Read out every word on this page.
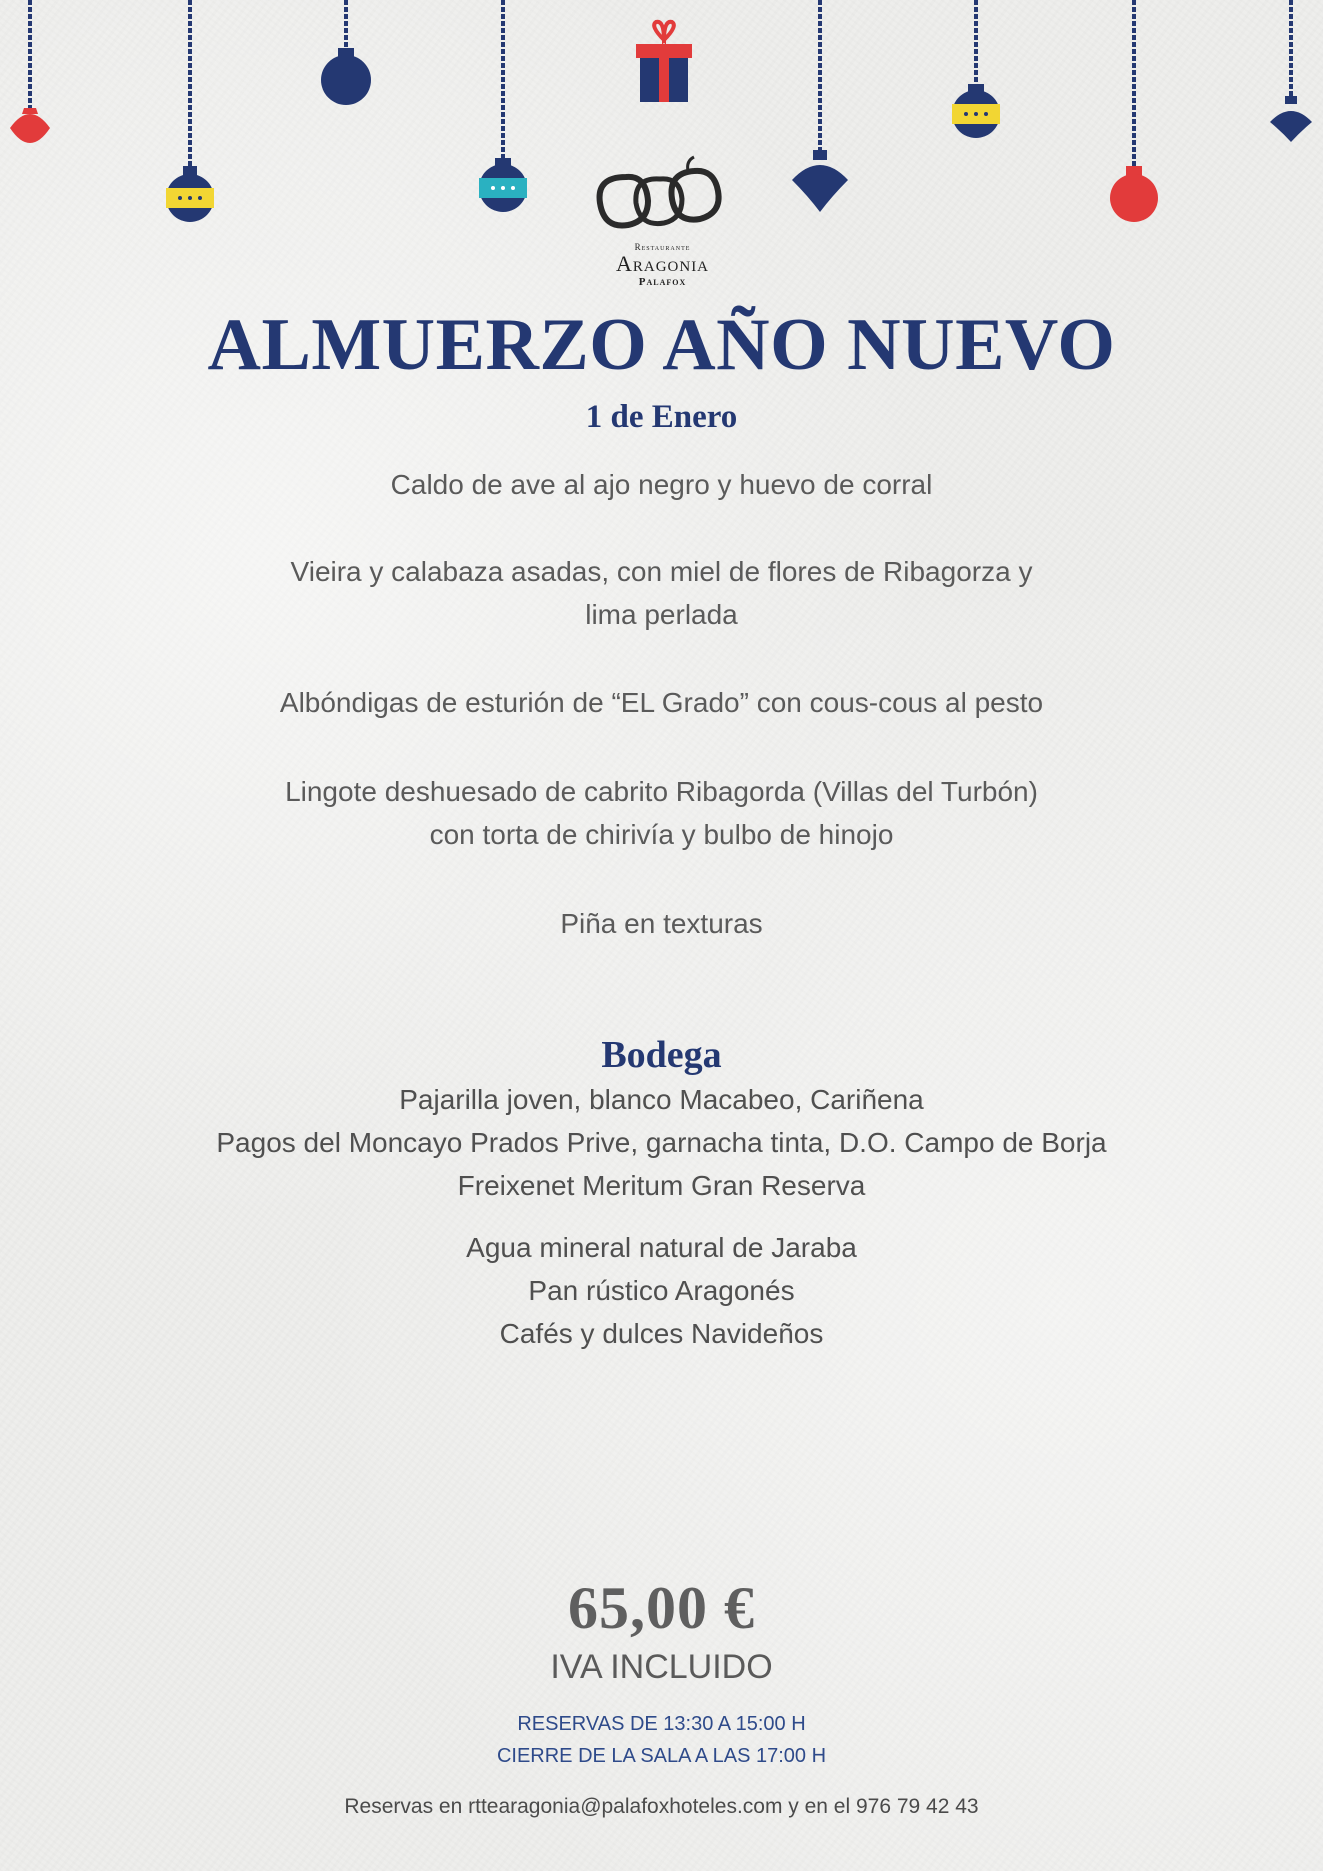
Restaurante
Aragonia
Palafox
ALMUERZO AÑO NUEVO
1 de Enero
Caldo de ave al ajo negro y huevo de corral
Vieira y calabaza asadas, con miel de flores de Ribagorza y
lima perlada
Albóndigas de esturión de “EL Grado” con cous-cous al pesto
Lingote deshuesado de cabrito Ribagorda (Villas del Turbón)
con torta de chirivía y bulbo de hinojo
Piña en texturas
Bodega
Pajarilla joven, blanco Macabeo, Cariñena
Pagos del Moncayo Prados Prive, garnacha tinta, D.O. Campo de Borja
Freixenet Meritum Gran Reserva
Agua mineral natural de Jaraba
Pan rústico Aragonés
Cafés y dulces Navideños
65,00 €
IVA INCLUIDO
RESERVAS DE 13:30 A 15:00 H
CIERRE DE LA SALA A LAS 17:00 H
Reservas en rttearagonia@palafoxhoteles.com y en el 976 79 42 43
